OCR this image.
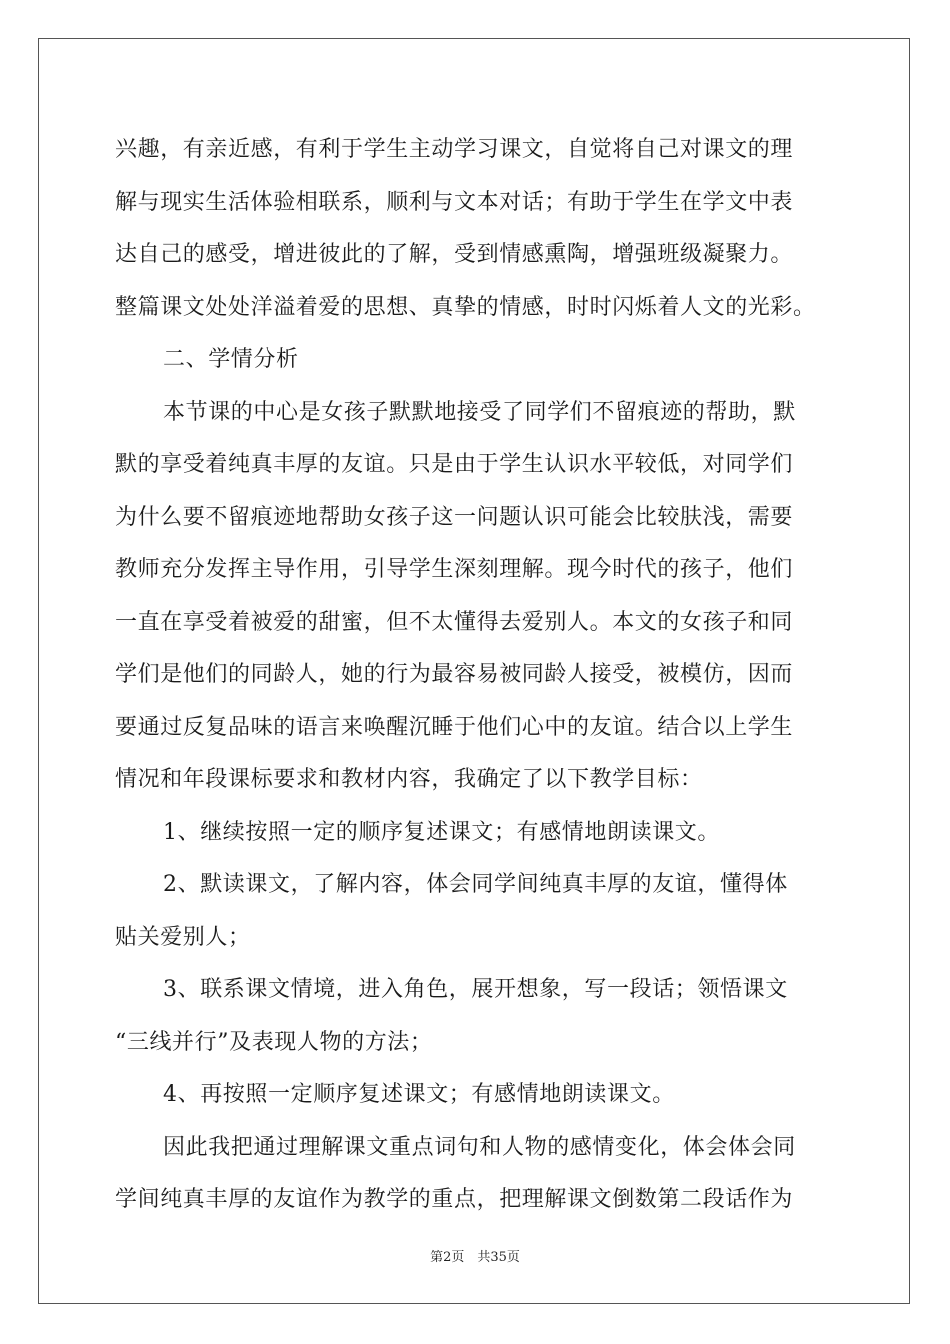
兴趣，有亲近感，有利于学生主动学习课文，自觉将自己对课文的理
解与现实生活体验相联系，顺利与文本对话；有助于学生在学文中表
达自己的感受，增进彼此的了解，受到情感熏陶，增强班级凝聚力。
整篇课文处处洋溢着爱的思想、真挚的情感，时时闪烁着人文的光彩。
二、学情分析
本节课的中心是女孩子默默地接受了同学们不留痕迹的帮助，默
默的享受着纯真丰厚的友谊。只是由于学生认识水平较低，对同学们
为什么要不留痕迹地帮助女孩子这一问题认识可能会比较肤浅，需要
教师充分发挥主导作用，引导学生深刻理解。现今时代的孩子，他们
一直在享受着被爱的甜蜜，但不太懂得去爱别人。本文的女孩子和同
学们是他们的同龄人，她的行为最容易被同龄人接受，被模仿，因而
要通过反复品味的语言来唤醒沉睡于他们心中的友谊。结合以上学生
情况和年段课标要求和教材内容，我确定了以下教学目标：
1、继续按照一定的顺序复述课文；有感情地朗读课文。
2、默读课文，了解内容，体会同学间纯真丰厚的友谊，懂得体
贴关爱别人；
3、联系课文情境，进入角色，展开想象，写一段话；领悟课文
“三线并行”及表现人物的方法；
4、再按照一定顺序复述课文；有感情地朗读课文。
因此我把通过理解课文重点词句和人物的感情变化，体会体会同
学间纯真丰厚的友谊作为教学的重点，把理解课文倒数第二段话作为
第2页　共35页
